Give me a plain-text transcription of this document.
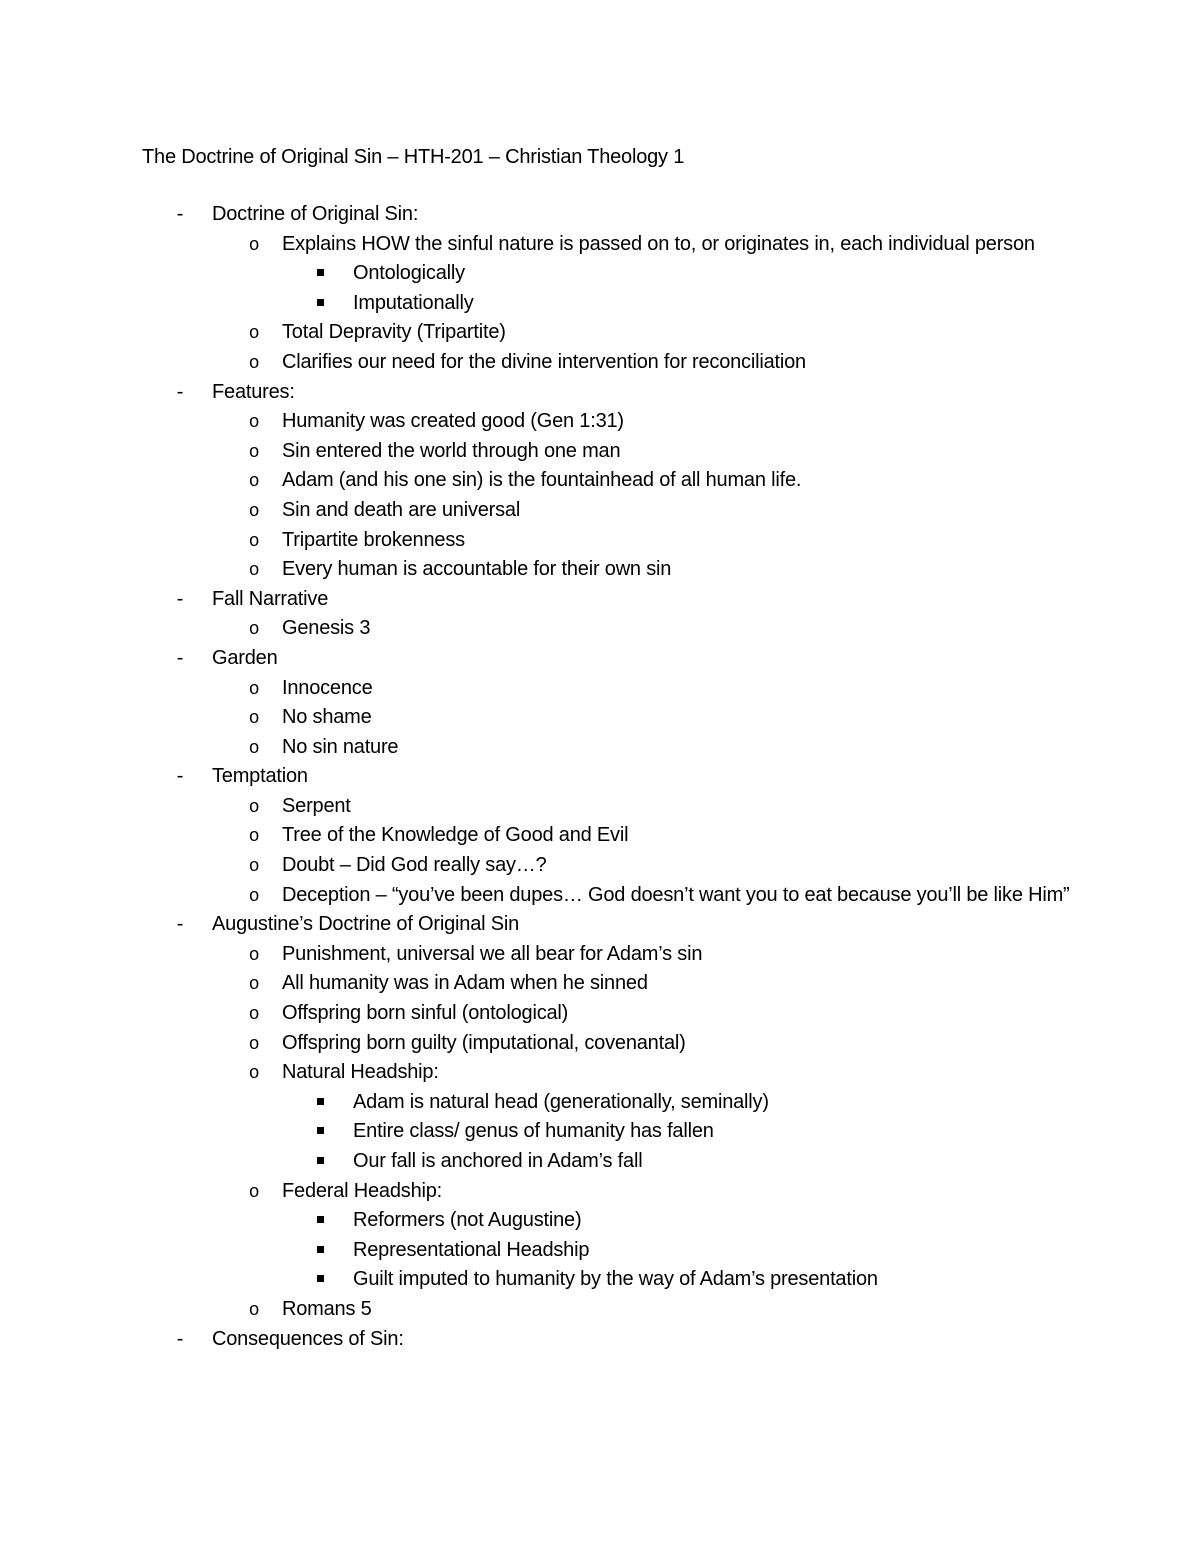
The Doctrine of Original Sin – HTH-201 – Christian Theology 1
-	Doctrine of Original Sin:
o Explains HOW the sinful nature is passed on to, or originates in, each individual person
Ontologically
Imputationally
o Total Depravity (Tripartite)
o Clarifies our need for the divine intervention for reconciliation
-	Features:
o Humanity was created good (Gen 1:31)
o Sin entered the world through one man
o Adam (and his one sin) is the fountainhead of all human life.
o Sin and death are universal
o Tripartite brokenness
o Every human is accountable for their own sin
-	Fall Narrative
o Genesis 3
-	Garden
o Innocence
o No shame
o No sin nature
-	Temptation
o Serpent
o Tree of the Knowledge of Good and Evil
o Doubt – Did God really say…?
o Deception – “you’ve been dupes… God doesn’t want you to eat because you’ll be like Him”
-	Augustine’s Doctrine of Original Sin
o Punishment, universal we all bear for Adam’s sin
o All humanity was in Adam when he sinned
o Offspring born sinful (ontological)
o Offspring born guilty (imputational, covenantal)
o Natural Headship:
Adam is natural head (generationally, seminally)
Entire class/ genus of humanity has fallen
Our fall is anchored in Adam’s fall
o Federal Headship:
Reformers (not Augustine)
Representational Headship
Guilt imputed to humanity by the way of Adam’s presentation
o Romans 5
-	Consequences of Sin:
